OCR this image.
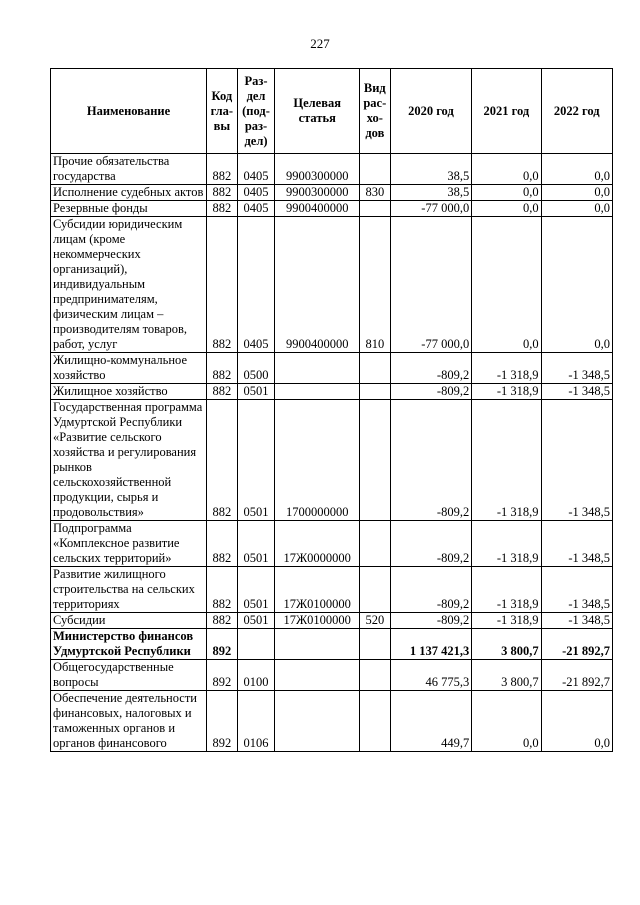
227
Наименование	Код
гла-
вы	Раз-
дел
(под-
раз-
дел)	Целевая
статья	Вид
рас-
хо-
дов	2020 год	2021 год	2022 год
Прочие обязательства государства	882	0405	9900300000		38,5	0,0	0,0
Исполнение судебных актов	882	0405	9900300000	830	38,5	0,0	0,0
Резервные фонды	882	0405	9900400000		-77 000,0	0,0	0,0
Субсидии юридическим лицам (кроме некоммерческих организаций), индивидуальным предпринимателям, физическим лицам – производителям товаров, работ, услуг	882	0405	9900400000	810	-77 000,0	0,0	0,0
Жилищно-коммунальное хозяйство	882	0500			-809,2	-1 318,9	-1 348,5
Жилищное хозяйство	882	0501			-809,2	-1 318,9	-1 348,5
Государственная программа Удмуртской Республики «Развитие сельского хозяйства и регулирования рынков сельскохозяйственной продукции, сырья и продовольствия»	882	0501	1700000000		-809,2	-1 318,9	-1 348,5
Подпрограмма «Комплексное развитие сельских территорий»	882	0501	17Ж0000000		-809,2	-1 318,9	-1 348,5
Развитие жилищного строительства на сельских территориях	882	0501	17Ж0100000		-809,2	-1 318,9	-1 348,5
Субсидии	882	0501	17Ж0100000	520	-809,2	-1 318,9	-1 348,5
Министерство финансов Удмуртской Республики	892				1 137 421,3	3 800,7	-21 892,7
Общегосударственные вопросы	892	0100			46 775,3	3 800,7	-21 892,7
Обеспечение деятельности финансовых, налоговых и таможенных органов и органов финансового	892	0106			449,7	0,0	0,0
